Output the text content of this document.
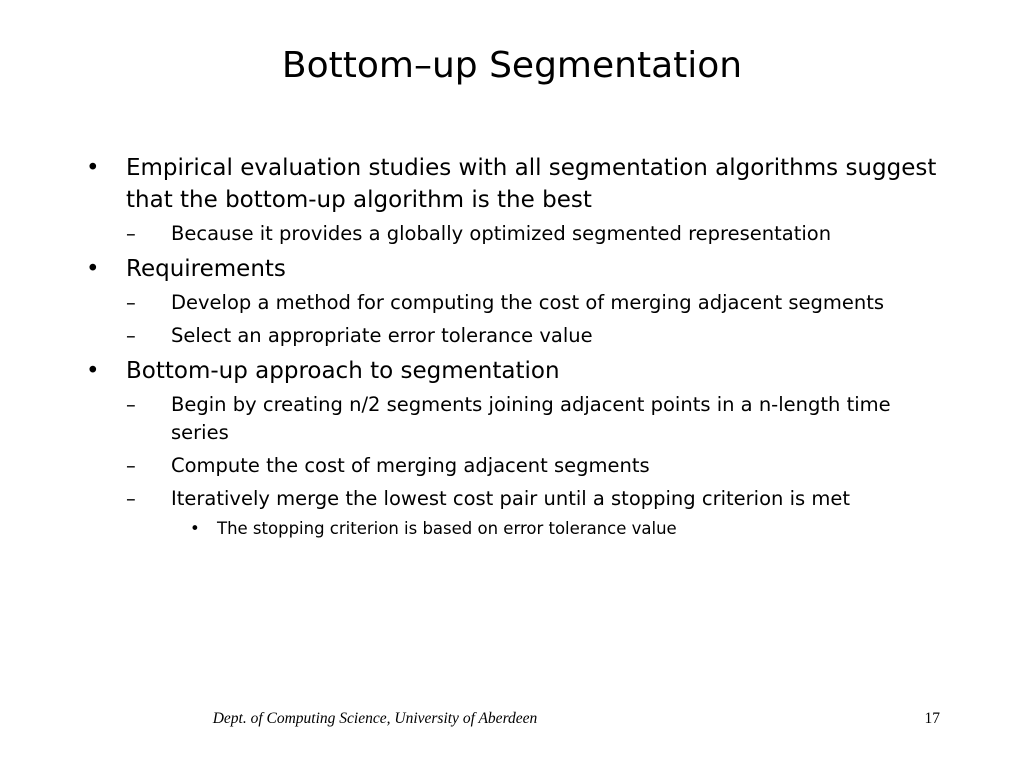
Bottom–up Segmentation
•	Empirical evaluation studies with all segmentation algorithms suggest that the bottom-up algorithm is the best
–	Because it provides a globally optimized segmented representation
•	Requirements
–	Develop a method for computing the cost of merging adjacent segments
–	Select an appropriate error tolerance value
•	Bottom-up approach to segmentation
–	Begin by creating n/2 segments joining adjacent points in a n-length time series
–	Compute the cost of merging adjacent segments
–	Iteratively merge the lowest cost pair until a stopping criterion is met
•	The stopping criterion is based on error tolerance value
Dept. of Computing Science, University of Aberdeen	17
